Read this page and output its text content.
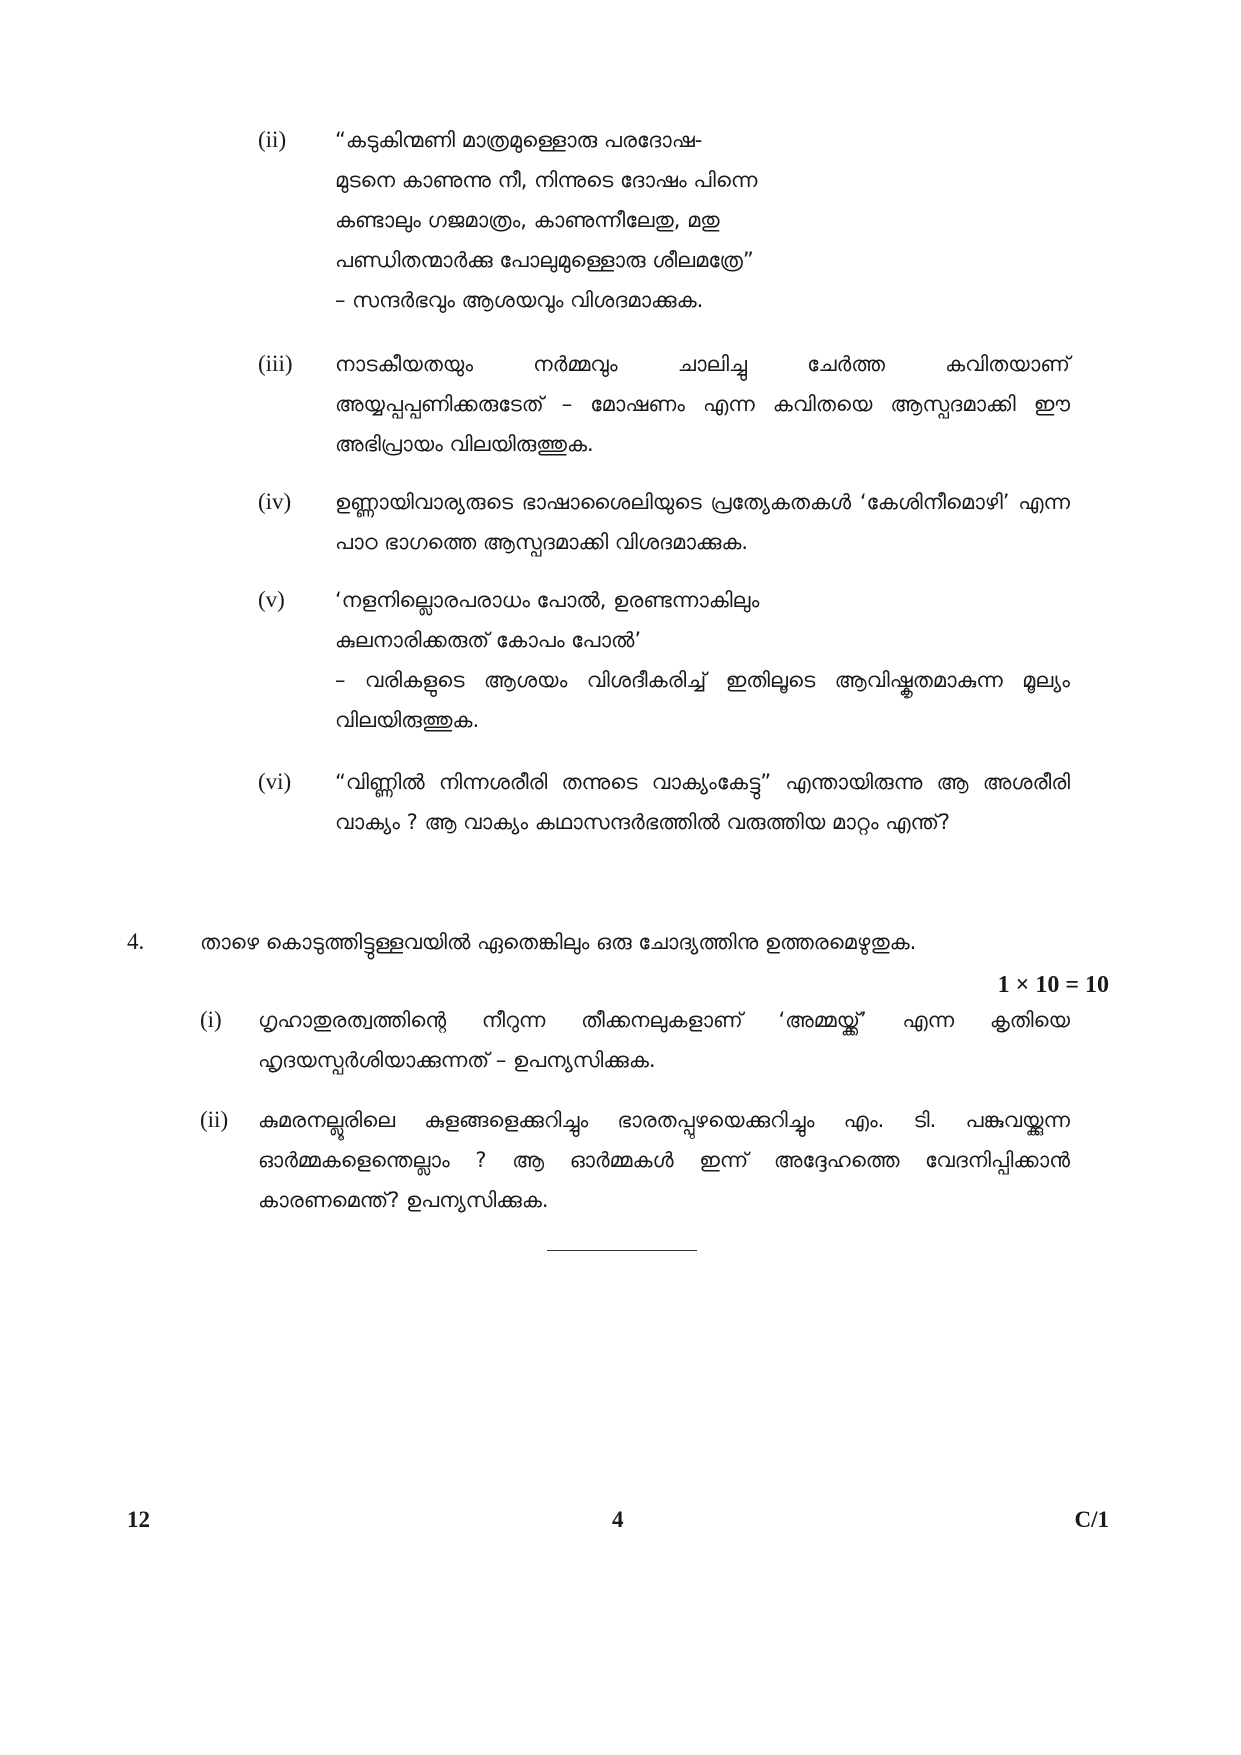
(ii) “കടുകിന്മണി മാത്രമുള്ളൊരു പരദോഷ-
മുടനെ കാണുന്നു നീ, നിന്നുടെ ദോഷം പിന്നെ
കണ്ടാലും ഗജമാത്രം, കാണുന്നീലേതു, മതു
പണ്ഡിതന്മാർക്കു പോലുമുള്ളൊരു ശീലമത്രേ”
– സന്ദർഭവും ആശയവും വിശദമാക്കുക.
(iii) നാടകീയതയും നർമ്മവും ചാലിച്ചു ചേർത്ത കവിതയാണ് അയ്യപ്പപ്പണിക്കരുടേത് – മോഷണം എന്ന കവിതയെ ആസ്പദമാക്കി ഈ അഭിപ്രായം വിലയിരുത്തുക.
(iv) ഉണ്ണായിവാര്യരുടെ ഭാഷാശൈലിയുടെ പ്രത്യേകതകൾ ‘കേശിനീമൊഴി’ എന്ന പാഠ ഭാഗത്തെ ആസ്പദമാക്കി വിശദമാക്കുക.
(v) ‘നളനില്ലൊരപരാധം പോൽ, ഉരണ്ടന്നാകിലും
കുലനാരിക്കരുത് കോപം പോൽ’
– വരികളുടെ ആശയം വിശദീകരിച്ച് ഇതിലൂടെ ആവിഷ്കൃതമാകുന്ന മൂല്യം വിലയിരുത്തുക.
(vi) “വിണ്ണിൽ നിന്നശരീരി തന്നുടെ വാക്യംകേട്ടു” എന്തായിരുന്നു ആ അശരീരി വാക്യം ? ആ വാക്യം കഥാസന്ദർഭത്തിൽ വരുത്തിയ മാറ്റം എന്ത്?
4.	താഴെ കൊടുത്തിട്ടുള്ളവയിൽ ഏതെങ്കിലും ഒരു ചോദ്യത്തിനു ഉത്തരമെഴുതുക.
1 × 10 = 10
(i) ഗൃഹാതുരത്വത്തിന്റെ നീറുന്ന തീക്കനലുകളാണ് ‘അമ്മയ്ക്ക്’ എന്ന കൃതിയെ ഹൃദയസ്പർശിയാക്കുന്നത് – ഉപന്യസിക്കുക.
(ii) കുമരനല്ലൂരിലെ കുളങ്ങളെക്കുറിച്ചും ഭാരതപ്പുഴയെക്കുറിച്ചും എം. ടി. പങ്കുവയ്ക്കുന്ന ഓർമ്മകളെന്തെല്ലാം ? ആ ഓർമ്മകൾ ഇന്ന് അദ്ദേഹത്തെ വേദനിപ്പിക്കാൻ കാരണമെന്ത്? ഉപന്യസിക്കുക.
12	4	C/1
